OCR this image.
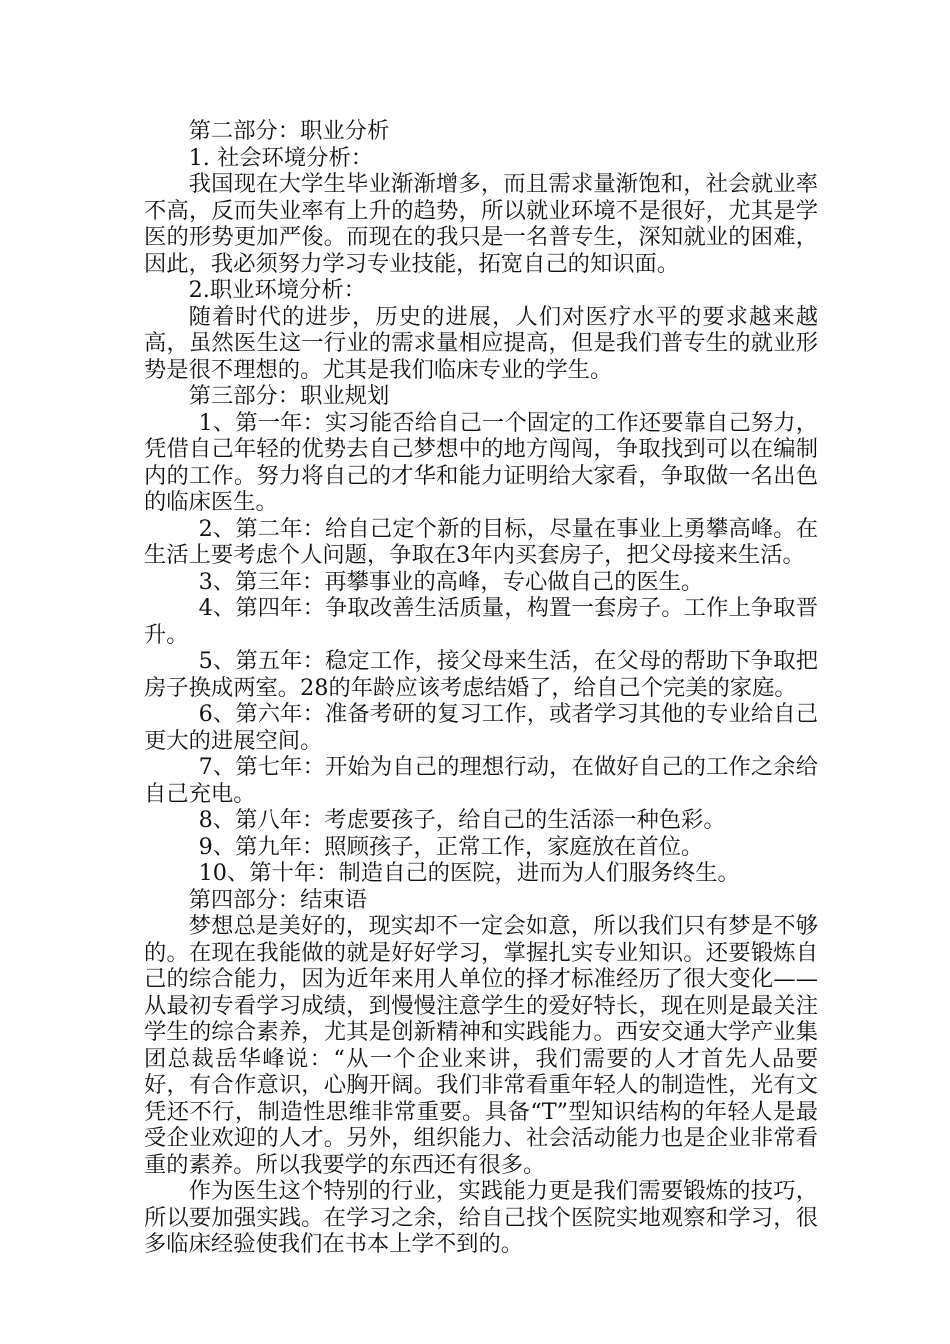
第二部分：职业分析

1. 社会环境分析：

我国现在大学生毕业渐渐增多，而且需求量渐饱和，社会就业率不高，反而失业率有上升的趋势，所以就业环境不是很好，尤其是学医的形势更加严俊。而现在的我只是一名普专生，深知就业的困难，因此，我必须努力学习专业技能，拓宽自己的知识面。

2.职业环境分析：

随着时代的进步，历史的进展，人们对医疗水平的要求越来越高，虽然医生这一行业的需求量相应提高，但是我们普专生的就业形势是很不理想的。尤其是我们临床专业的学生。

第三部分：职业规划

1、第一年：实习能否给自己一个固定的工作还要靠自己努力，凭借自己年轻的优势去自己梦想中的地方闯闯，争取找到可以在编制内的工作。努力将自己的才华和能力证明给大家看，争取做一名出色的临床医生。

2、第二年：给自己定个新的目标，尽量在事业上勇攀高峰。在生活上要考虑个人问题，争取在3年内买套房子，把父母接来生活。

3、第三年：再攀事业的高峰，专心做自己的医生。

4、第四年：争取改善生活质量，构置一套房子。工作上争取晋升。

5、第五年：稳定工作，接父母来生活，在父母的帮助下争取把房子换成两室。28的年龄应该考虑结婚了，给自己个完美的家庭。

6、第六年：准备考研的复习工作，或者学习其他的专业给自己更大的进展空间。

7、第七年：开始为自己的理想行动，在做好自己的工作之余给自己充电。

8、第八年：考虑要孩子，给自己的生活添一种色彩。

9、第九年：照顾孩子，正常工作，家庭放在首位。

10、第十年：制造自己的医院，进而为人们服务终生。

第四部分：结束语

梦想总是美好的，现实却不一定会如意，所以我们只有梦是不够的。在现在我能做的就是好好学习，掌握扎实专业知识。还要锻炼自己的综合能力，因为近年来用人单位的择才标准经历了很大变化——从最初专看学习成绩，到慢慢注意学生的爱好特长，现在则是最关注学生的综合素养，尤其是创新精神和实践能力。西安交通大学产业集团总裁岳华峰说：“从一个企业来讲，我们需要的人才首先人品要好，有合作意识，心胸开阔。我们非常看重年轻人的制造性，光有文凭还不行，制造性思维非常重要。具备“T”型知识结构的年轻人是最受企业欢迎的人才。另外，组织能力、社会活动能力也是企业非常看重的素养。所以我要学的东西还有很多。

作为医生这个特别的行业，实践能力更是我们需要锻炼的技巧，所以要加强实践。在学习之余，给自己找个医院实地观察和学习，很多临床经验使我们在书本上学不到的。
